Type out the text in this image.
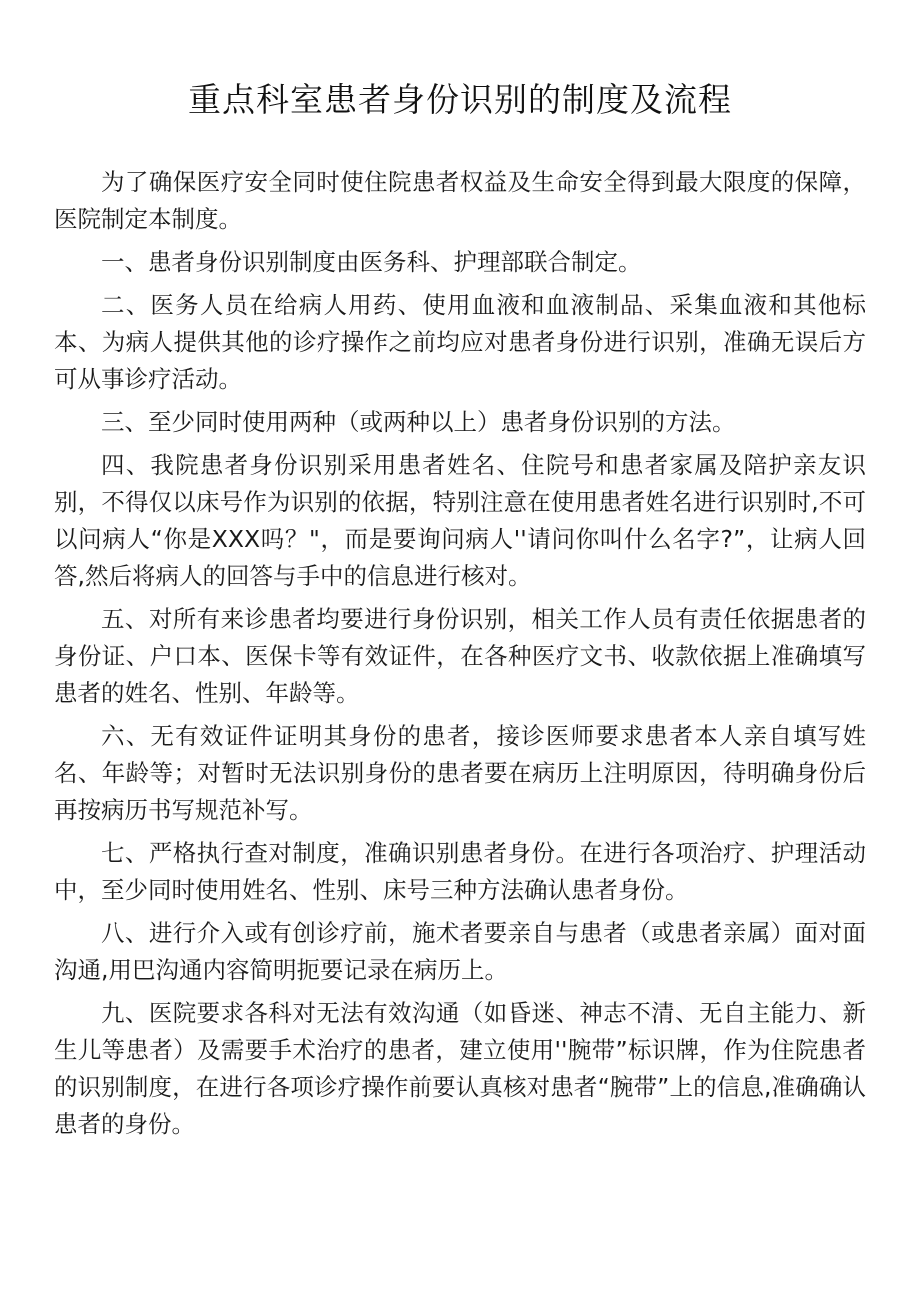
重点科室患者身份识别的制度及流程

为了确保医疗安全同时使住院患者权益及生命安全得到最大限度的保障，医院制定本制度。

一、患者身份识别制度由医务科、护理部联合制定。

二、医务人员在给病人用药、使用血液和血液制品、采集血液和其他标本、为病人提供其他的诊疗操作之前均应对患者身份进行识别，准确无误后方可从事诊疗活动。

三、至少同时使用两种（或两种以上）患者身份识别的方法。

四、我院患者身份识别采用患者姓名、住院号和患者家属及陪护亲友识别，不得仅以床号作为识别的依据，特别注意在使用患者姓名进行识别时,不可以问病人“你是XXX吗？"，而是要询问病人''请问你叫什么名字?”，让病人回答,然后将病人的回答与手中的信息进行核对。

五、对所有来诊患者均要进行身份识别，相关工作人员有责任依据患者的身份证、户口本、医保卡等有效证件，在各种医疗文书、收款依据上准确填写患者的姓名、性别、年龄等。

六、无有效证件证明其身份的患者，接诊医师要求患者本人亲自填写姓名、年龄等；对暂时无法识别身份的患者要在病历上注明原因，待明确身份后再按病历书写规范补写。

七、严格执行查对制度，准确识别患者身份。在进行各项治疗、护理活动中，至少同时使用姓名、性别、床号三种方法确认患者身份。

八、进行介入或有创诊疗前，施术者要亲自与患者（或患者亲属）面对面沟通,用巴沟通内容简明扼要记录在病历上。

九、医院要求各科对无法有效沟通（如昏迷、神志不清、无自主能力、新生儿等患者）及需要手术治疗的患者，建立使用''腕带”标识牌，作为住院患者的识别制度，在进行各项诊疗操作前要认真核对患者“腕带”上的信息,准确确认患者的身份。
